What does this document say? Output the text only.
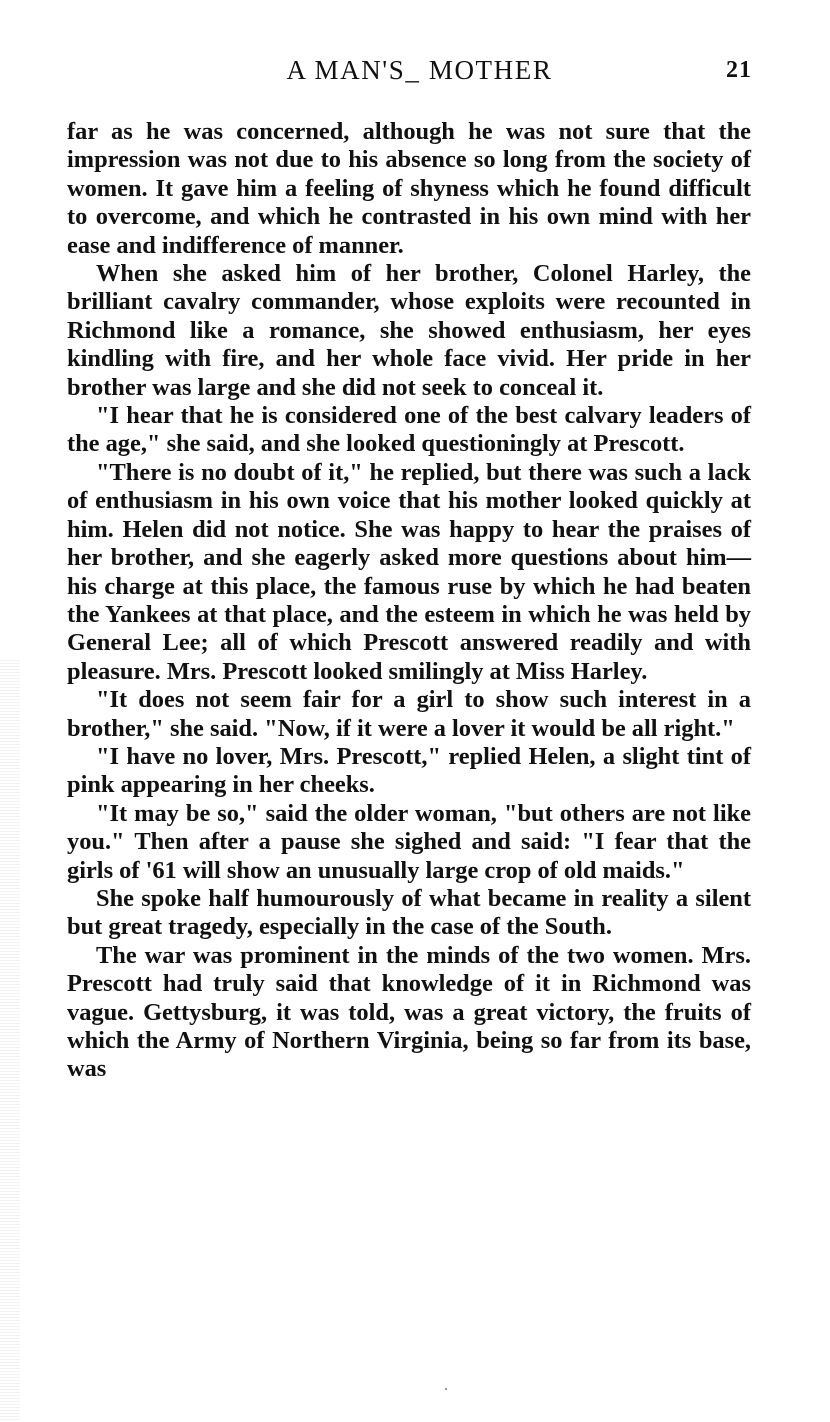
A MAN'S_ MOTHER	21

far as he was concerned, although he was not sure that the impression was not due to his absence so long from the society of women. It gave him a feeling of shyness which he found difficult to overcome, and which he contrasted in his own mind with her ease and indifference of manner.

When she asked him of her brother, Colonel Harley, the brilliant cavalry commander, whose exploits were recounted in Richmond like a romance, she showed enthusiasm, her eyes kindling with fire, and her whole face vivid. Her pride in her brother was large and she did not seek to conceal it.

"I hear that he is considered one of the best calvary leaders of the age," she said, and she looked questioningly at Prescott.

"There is no doubt of it," he replied, but there was such a lack of enthusiasm in his own voice that his mother looked quickly at him. Helen did not notice. She was happy to hear the praises of her brother, and she eagerly asked more questions about him—his charge at this place, the famous ruse by which he had beaten the Yankees at that place, and the esteem in which he was held by General Lee; all of which Prescott answered readily and with pleasure. Mrs. Prescott looked smilingly at Miss Harley.

"It does not seem fair for a girl to show such interest in a brother," she said. "Now, if it were a lover it would be all right."

"I have no lover, Mrs. Prescott," replied Helen, a slight tint of pink appearing in her cheeks.

"It may be so," said the older woman, "but others are not like you." Then after a pause she sighed and said: "I fear that the girls of '61 will show an unusually large crop of old maids."

She spoke half humourously of what became in reality a silent but great tragedy, especially in the case of the South.

The war was prominent in the minds of the two women. Mrs. Prescott had truly said that knowledge of it in Richmond was vague. Gettysburg, it was told, was a great victory, the fruits of which the Army of Northern Virginia, being so far from its base, was
